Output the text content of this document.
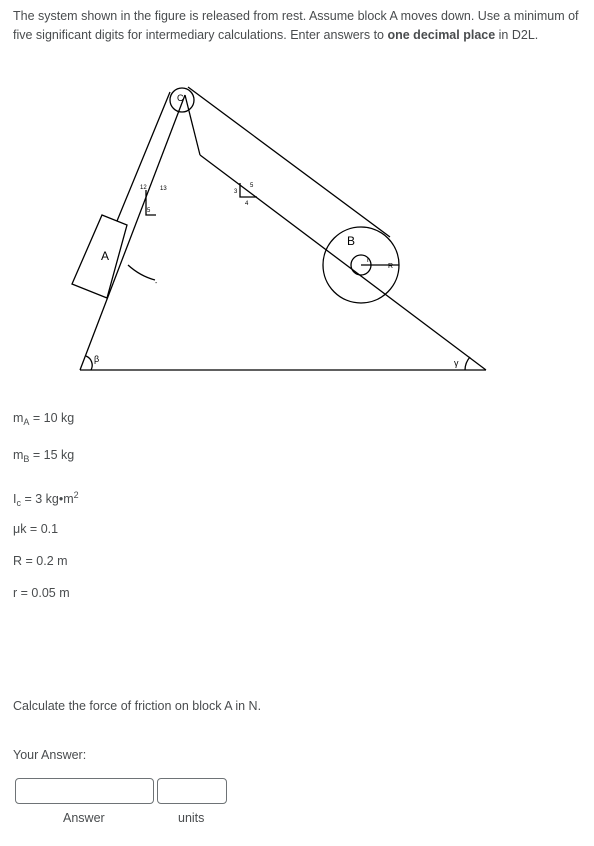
The system shown in the figure is released from rest. Assume block A moves down. Use a minimum of five significant digits for intermediary calculations. Enter answers to one decimal place in D2L.
A
B
C
β	γ
r
R
-
12 13
5
3
5
4
$m_A = 10$ kg
$m_B = 15$ kg
$I_c = 3$ $kg•m^2$
μk = 0.1
R = 0.2 m
r = 0.05 m
Calculate the force of friction on block A in N.
Your Answer:
Answer	units
